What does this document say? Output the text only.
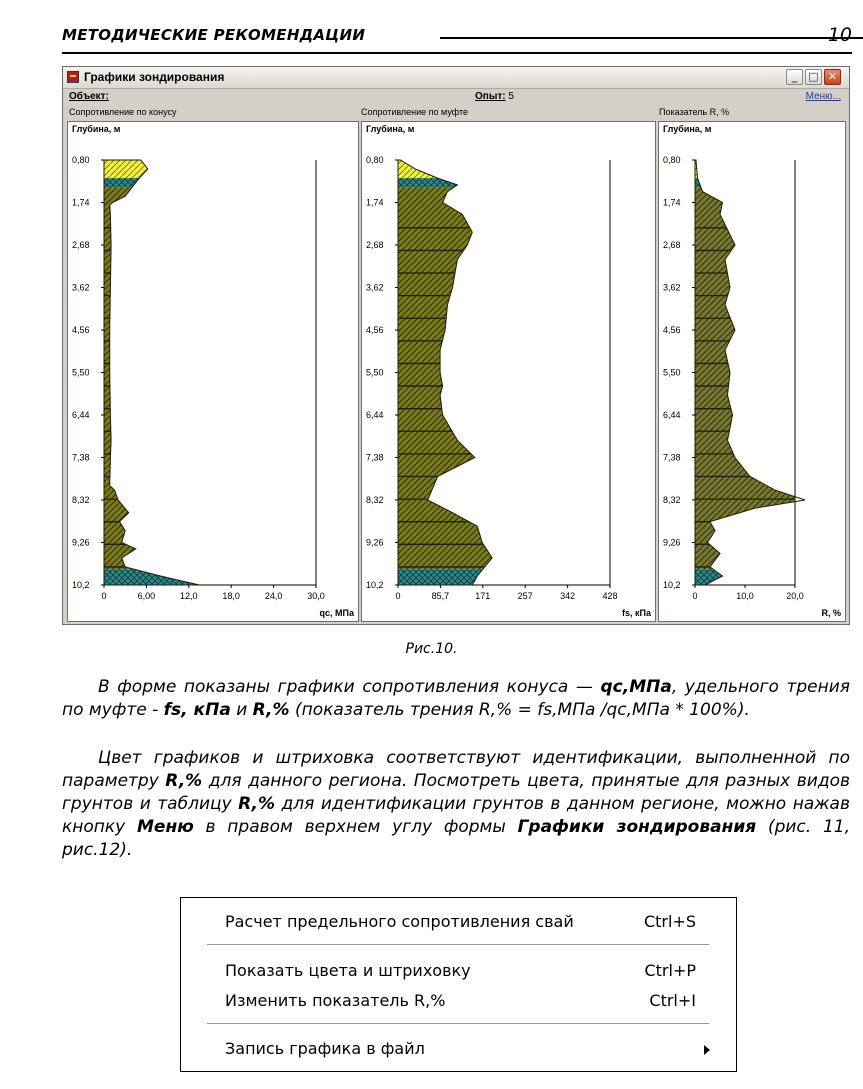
МЕТОДИЧЕСКИЕ РЕКОМЕНДАЦИИ	10
Графики зондирования	_	□ ✕
Объект:	Опыт: 5	Меню...
Сопротивление по конусу	Сопротивление по муфте	Показатель R, %
0,80
1,74
2,68
3,62
4,56
5,50
6,44
7,38
8,32
9,26
10,2
0	6,00	12,0	18,0	24,0	30,0
Глубина, м
qc, МПа
0,80
1,74
2,68
3,62
4,56
5,50
6,44
7,38
8,32
9,26
10,2
0	85,7	171	257	342	428
Глубина, м
fs, кПа
0,80
1,74
2,68
3,62
4,56
5,50
6,44
7,38
8,32
9,26
10,2
0	10,0	20,0
Глубина, м
R, %
Рис.10.
В форме показаны графики сопротивления конуса — qc,МПа, удельного трения по муфте - fs, кПа и R,% (показатель трения R,% = fs,МПа /qc,МПа * 100%).
Цвет графиков и штриховка соответствуют идентификации, выполненной по параметру R,% для данного региона. Посмотреть цвета, принятые для разных видов грунтов и таблицу R,% для идентификации грунтов в данном регионе, можно нажав кнопку Меню в правом верхнем углу формы Графики зондирования (рис. 11, рис.12).
Расчет предельного сопротивления свай	Ctrl+S
Показать цвета и штриховку	Ctrl+P
Изменить показатель R,%	Ctrl+I
Запись графика в файл
